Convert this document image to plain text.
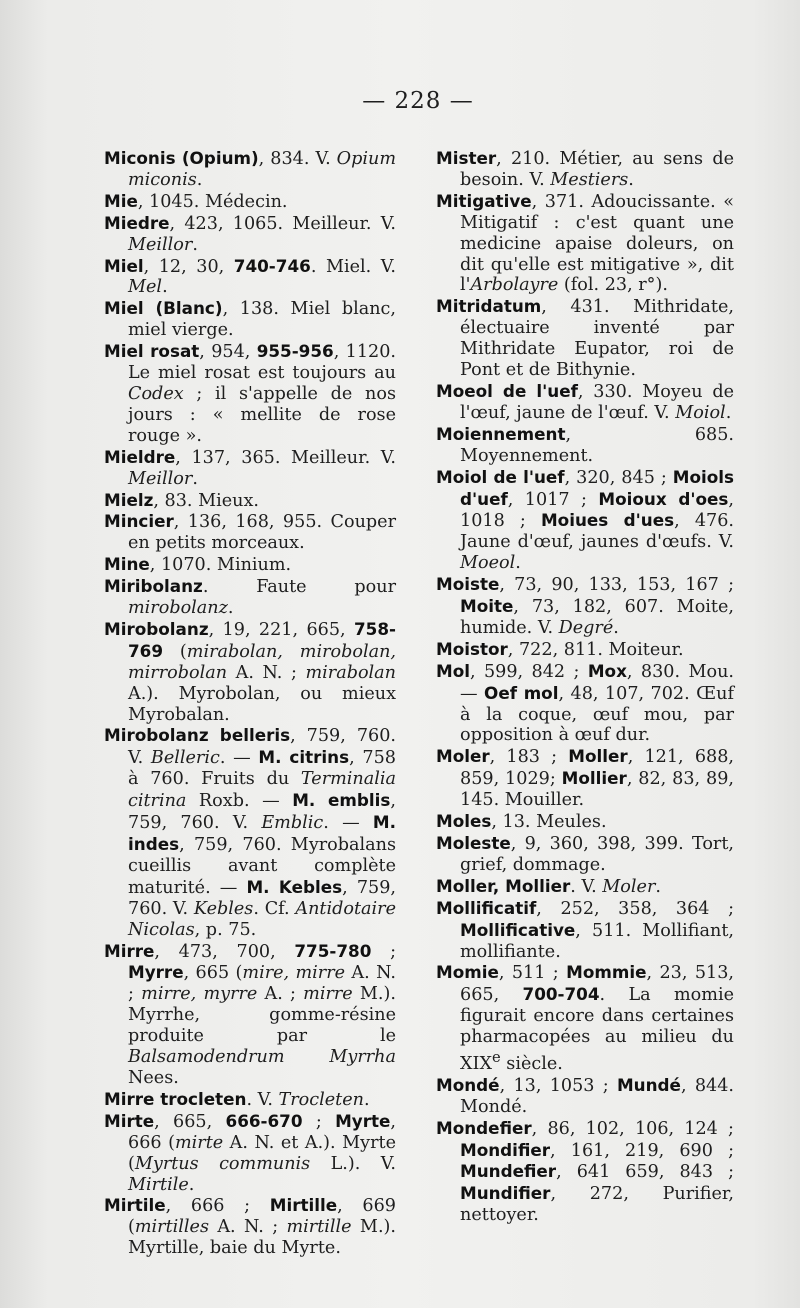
— 228 —
Miconis (Opium), 834. V. Opium miconis.
Mie, 1045. Médecin.
Miedre, 423, 1065. Meilleur. V. Meillor.
Miel, 12, 30, 740-746. Miel. V. Mel.
Miel (Blanc), 138. Miel blanc, miel vierge.
Miel rosat, 954, 955-956, 1120. Le miel rosat est toujours au Codex ; il s'appelle de nos jours : « mellite de rose rouge ».
Mieldre, 137, 365. Meilleur. V. Meillor.
Mielz, 83. Mieux.
Mincier, 136, 168, 955. Couper en petits morceaux.
Mine, 1070. Minium.
Miribolanz. Faute pour mirobolanz.
Mirobolanz, 19, 221, 665, 758-769 (mirabolan, mirobolan, mirrobolan A. N. ; mirabolan A.). Myrobolan, ou mieux Myrobalan.
Mirobolanz belleris, 759, 760. V. Belleric. — M. citrins, 758 à 760. Fruits du Terminalia citrina Roxb. — M. emblis, 759, 760. V. Emblic. — M. indes, 759, 760. Myrobalans cueillis avant complète maturité. — M. Kebles, 759, 760. V. Kebles. Cf. Antidotaire Nicolas, p. 75.
Mirre, 473, 700, 775-780 ; Myrre, 665 (mire, mirre A. N. ; mirre, myrre A. ; mirre M.). Myrrhe, gomme-résine produite par le Balsamodendrum Myrrha Nees.
Mirre trocleten. V. Trocleten.
Mirte, 665, 666-670 ; Myrte, 666 (mirte A. N. et A.). Myrte (Myrtus communis L.). V. Mirtile.
Mirtile, 666 ; Mirtille, 669 (mirtilles A. N. ; mirtille M.). Myrtille, baie du Myrte.
Mister, 210. Métier, au sens de besoin. V. Mestiers.
Mitigative, 371. Adoucissante. « Mitigatif : c'est quant une medicine apaise doleurs, on dit qu'elle est mitigative », dit l'Arbolayre (fol. 23, r°).
Mitridatum, 431. Mithridate, électuaire inventé par Mithridate Eupator, roi de Pont et de Bithynie.
Moeol de l'uef, 330. Moyeu de l'œuf, jaune de l'œuf. V. Moiol.
Moiennement, 685. Moyennement.
Moiol de l'uef, 320, 845 ; Moiols d'uef, 1017 ; Moioux d'oes, 1018 ; Moiues d'ues, 476. Jaune d'œuf, jaunes d'œufs. V. Moeol.
Moiste, 73, 90, 133, 153, 167 ; Moite, 73, 182, 607. Moite, humide. V. Degré.
Moistor, 722, 811. Moiteur.
Mol, 599, 842 ; Mox, 830. Mou. — Oef mol, 48, 107, 702. Œuf à la coque, œuf mou, par opposition à œuf dur.
Moler, 183 ; Moller, 121, 688, 859, 1029; Mollier, 82, 83, 89, 145. Mouiller.
Moles, 13. Meules.
Moleste, 9, 360, 398, 399. Tort, grief, dommage.
Moller, Mollier. V. Moler.
Mollificatif, 252, 358, 364 ; Mollificative, 511. Mollifiant, mollifiante.
Momie, 511 ; Mommie, 23, 513, 665, 700-704. La momie figurait encore dans certaines pharmacopées au milieu du XIXe siècle.
Mondé, 13, 1053 ; Mundé, 844. Mondé.
Mondefier, 86, 102, 106, 124 ; Mondifier, 161, 219, 690 ; Mundefier, 641 659, 843 ; Mundifier, 272, Purifier, nettoyer.
